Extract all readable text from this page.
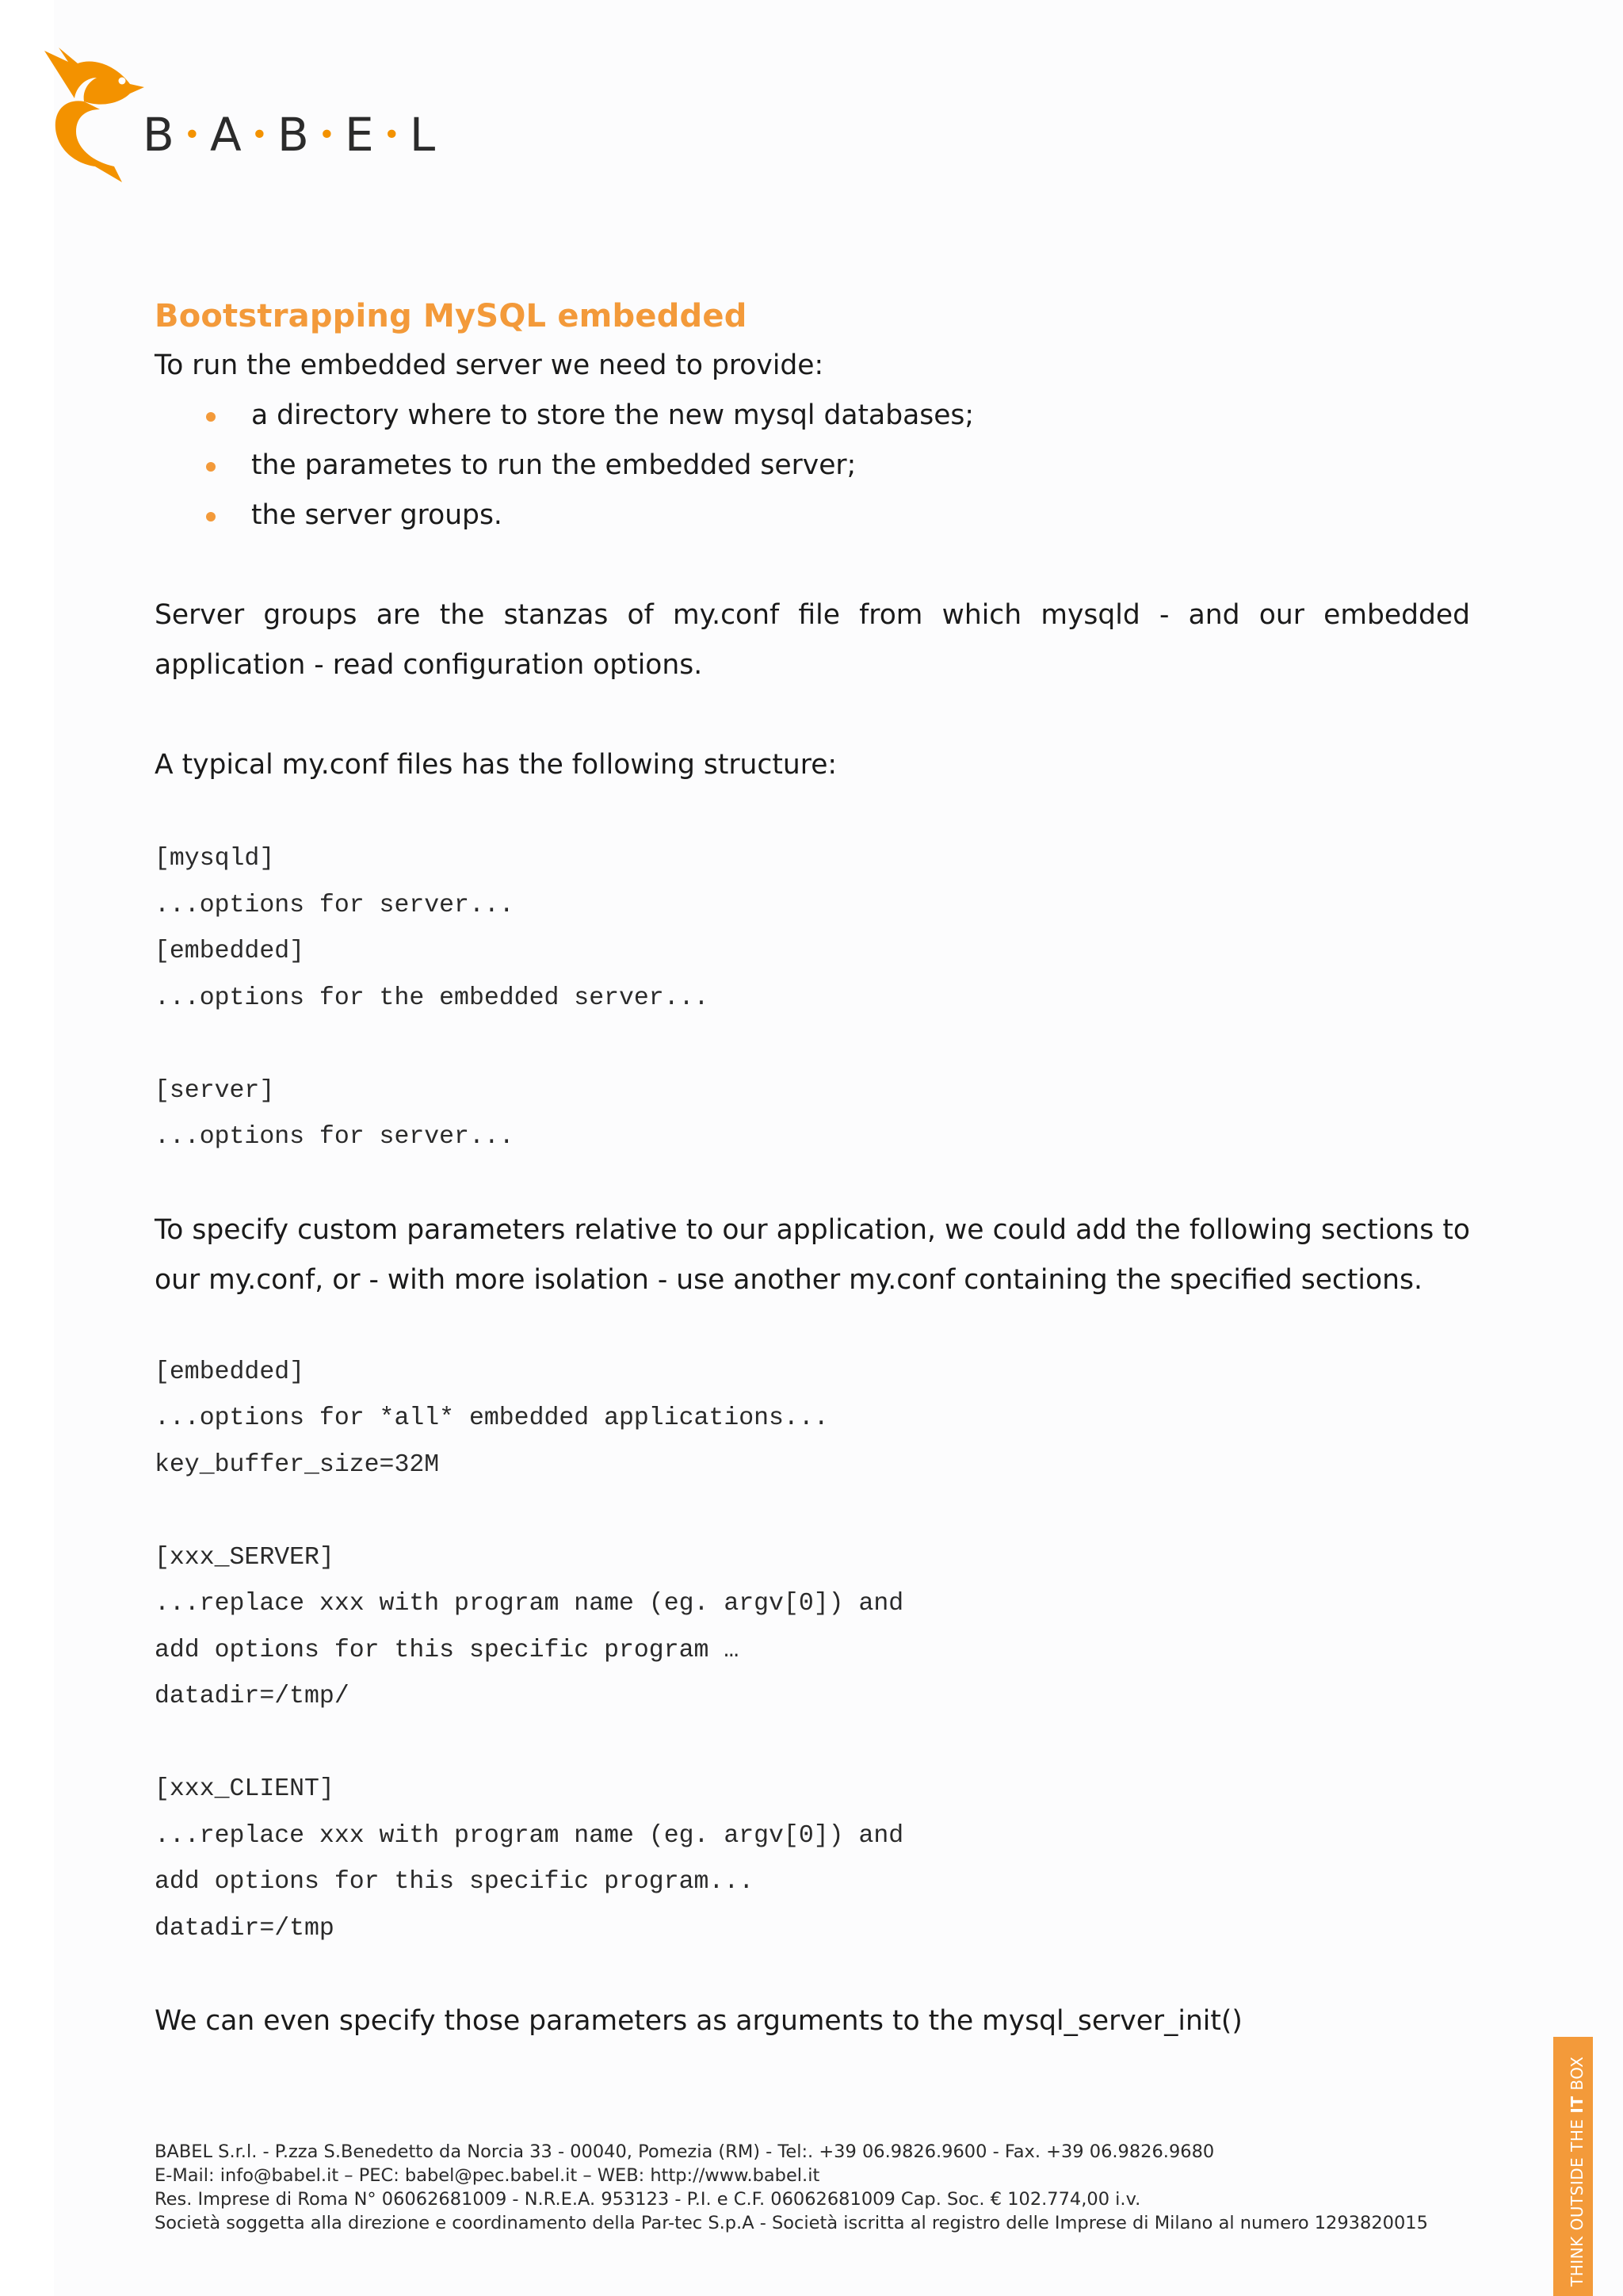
B • A • B • E • L
Bootstrapping MySQL embedded

To run the embedded server we need to provide:

a directory where to store the new mysql databases;
the parametes to run the embedded server;
the server groups.

Server groups are the stanzas of my.conf file from which mysqld - and our embedded application - read configuration options.

A typical my.conf files has the following structure:

[mysqld]
...options for server...
[embedded]
...options for the embedded server...

[server]
...options for server...

To specify custom parameters relative to our application, we could add the following sections to our my.conf, or - with more isolation - use another my.conf containing the specified sections.

[embedded]
...options for *all* embedded applications...
key_buffer_size=32M

[xxx_SERVER]
...replace xxx with program name (eg. argv[0]) and
add options for this specific program …
datadir=/tmp/

[xxx_CLIENT]
...replace xxx with program name (eg. argv[0]) and
add options for this specific program...
datadir=/tmp

We can even specify those parameters as arguments to the mysql_server_init()

BABEL S.r.l. - P.zza S.Benedetto da Norcia 33 - 00040, Pomezia (RM) - Tel:. +39 06.9826.9600 - Fax. +39 06.9826.9680
E-Mail: info@babel.it – PEC: babel@pec.babel.it – WEB: http://www.babel.it
Res. Imprese di Roma N° 06062681009 - N.R.E.A. 953123 - P.I. e C.F. 06062681009 Cap. Soc. € 102.774,00 i.v.
Società soggetta alla direzione e coordinamento della Par-tec S.p.A - Società iscritta al registro delle Imprese di Milano al numero 1293820015	THINK OUTSIDE THE IT BOX
